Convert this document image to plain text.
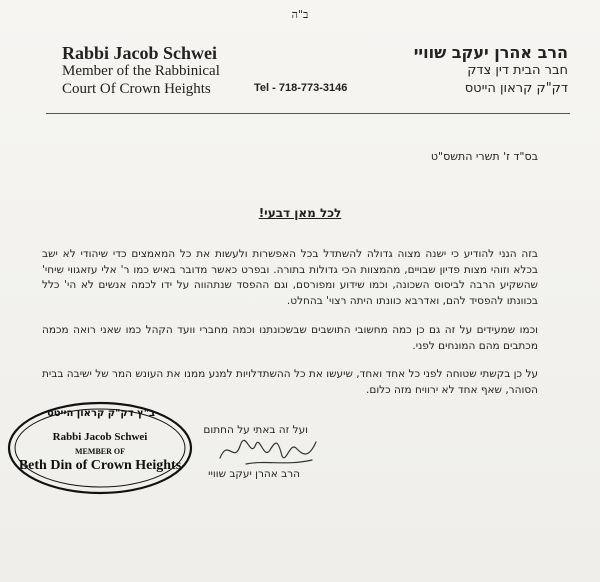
ב"ה
Rabbi Jacob Schwei
Member of the Rabbinical
Court Of Crown Heights	Tel - 718-773-3146
הרב אהרן יעקב שוויי
חבר הבית דין צדק
דק"ק קראון הייטס
בס"ד ז' תשרי התשס"ט
לכל מאן דבעי!
בזה הנני להודיע כי ישנה מצוה גדולה להשתדל בכל האפשרות ולעשות את כל המאמצים כדי שיהודי לא ישב בכלא וזוהי מצות פדיון שבויים, מהמצוות הכי גדולות בתורה. ובפרט כאשר מדובר באיש כמו ר' אלי עזאגווי שיחי' שהשקיע הרבה לביסוס השכונה, וכמו שידוע ומפורסם, וגם ההפסד שנתהווה על ידו לכמה אנשים לא הי' כלל בכוונתו להפסיד להם, ואדרבא כוונתו היתה רצוי' בהחלט.
וכמו שמעידים על זה גם כן כמה מחשובי התושבים שבשכונתנו וכמה מחברי וועד הקהל כמו שאני רואה מכמה מכתבים מהם המונחים לפני.
על כן בקשתי שטוחה לפני כל אחד ואחד, שיעשו את כל ההשתדלויות למנע ממנו את העונש המר של ישיבה בבית הסוהר, שאף אחד לא ירוויח מזה כלום.
ועל זה באתי על החתום
הרב אהרן יעקב שוויי
ב"ץ דק"ק קראון הייטס
Rabbi Jacob Schwei
MEMBER OF
Beth Din of Crown Heights
